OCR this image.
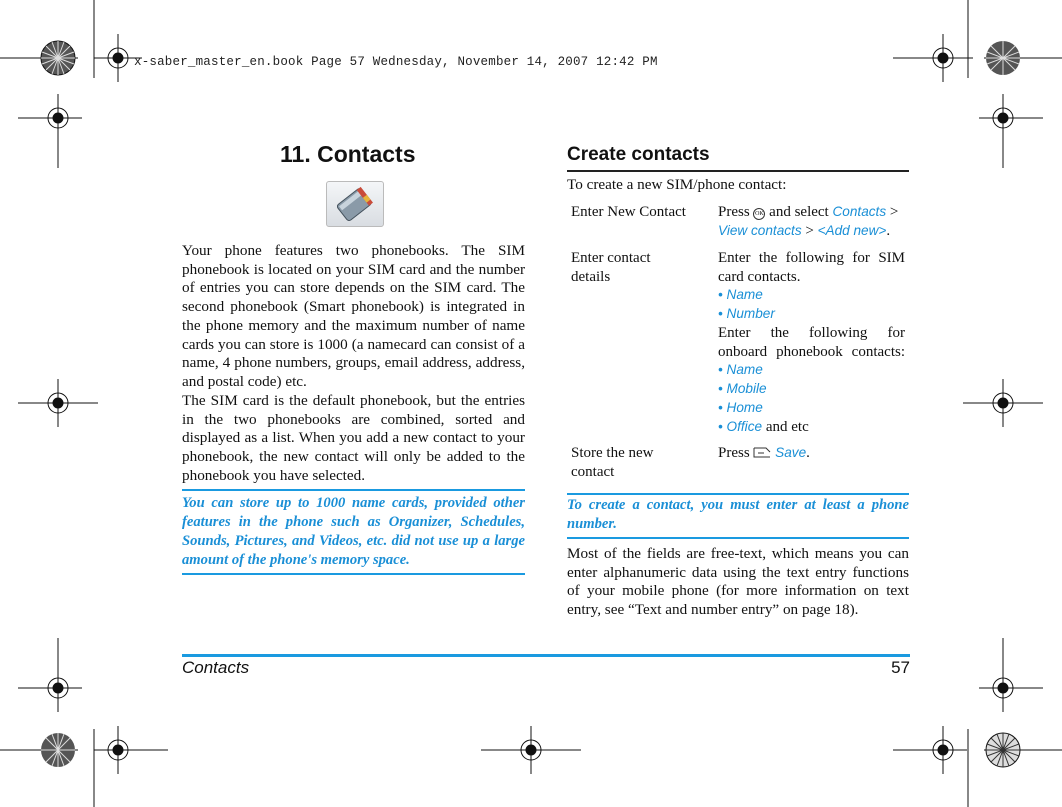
x-saber_master_en.book Page 57 Wednesday, November 14, 2007 12:42 PM
11. Contacts
Your phone features two phonebooks. The SIM phonebook is located on your SIM card and the number of entries you can store depends on the SIM card. The second phonebook (Smart phonebook) is integrated in the phone memory and the maximum number of name cards you can store is 1000 (a namecard can consist of a name, 4 phone numbers, groups, email address, address, and postal code) etc.
The SIM card is the default phonebook, but the entries in the two phonebooks are combined, sorted and displayed as a list. When you add a new contact to your phonebook, the new contact will only be added to the phonebook you have selected.
You can store up to 1000 name cards, provided other features in the phone such as Organizer, Schedules, Sounds, Pictures, and Videos, etc. did not use up a large amount of the phone's memory space.
Create contacts
To create a new SIM/phone contact:
Enter New Contact	Press OK and select Contacts >
View contacts > <Add new>.
Enter contact details
Enter the following for SIM card contacts.
• Name
• Number
Enter the following for onboard phonebook contacts:
• Name
• Mobile
• Home
• Office and etc
Store the new contact
Press Save.
To create a contact, you must enter at least a phone number.
Most of the fields are free-text, which means you can enter alphanumeric data using the text entry functions of your mobile phone (for more information on text entry, see “Text and number entry” on page 18).
Contacts	57
